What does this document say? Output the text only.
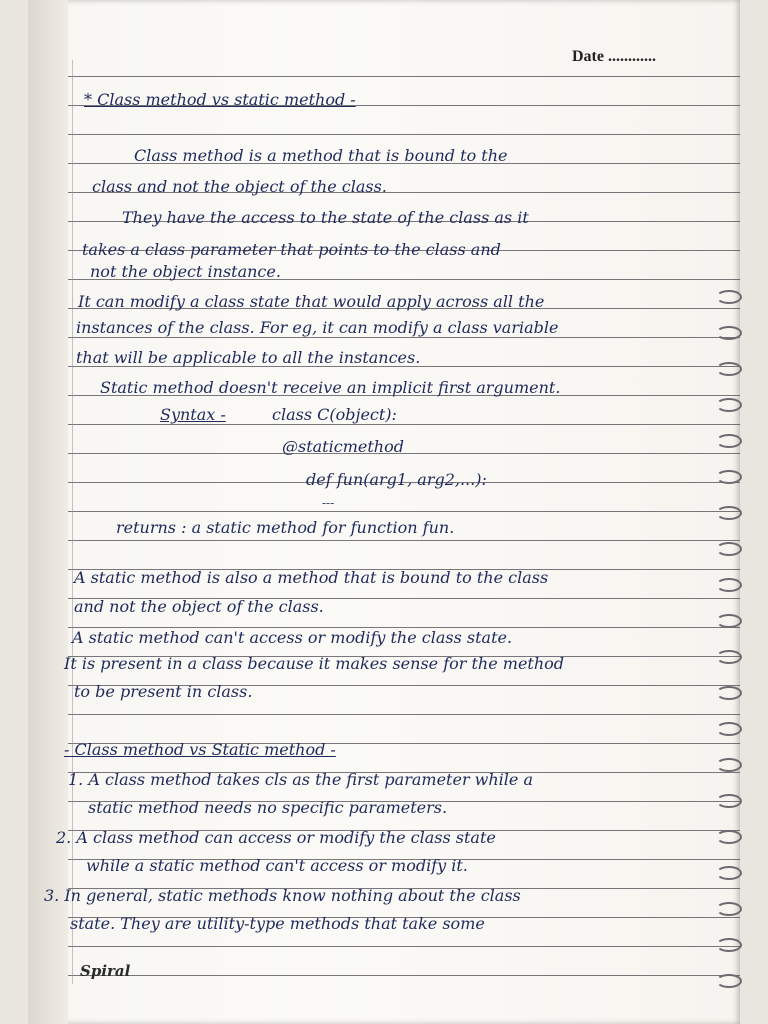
Date ............
* Class method vs static method -
Class method is a method that is bound to the
class and not the object of the class.
They have the access to the state of the class as it
takes a class parameter that points to the class and
not the object instance.
It can modify a class state that would apply across all the
instances of the class. For eg, it can modify a class variable
that will be applicable to all the instances.
Static method doesn't receive an implicit first argument.
Syntax -	class C(object):
@staticmethod
def fun(arg1, arg2,...):
---
returns : a static method for function fun.
A static method is also a method that is bound to the class
and not the object of the class.
A static method can't access or modify the class state.
It is present in a class because it makes sense for the method
to be present in class.
- Class method vs Static method -
1. A class method takes cls as the first parameter while a
static method needs no specific parameters.
2. A class method can access or modify the class state
while a static method can't access or modify it.
3. In general, static methods know nothing about the class
state. They are utility-type methods that take some
Spiral
